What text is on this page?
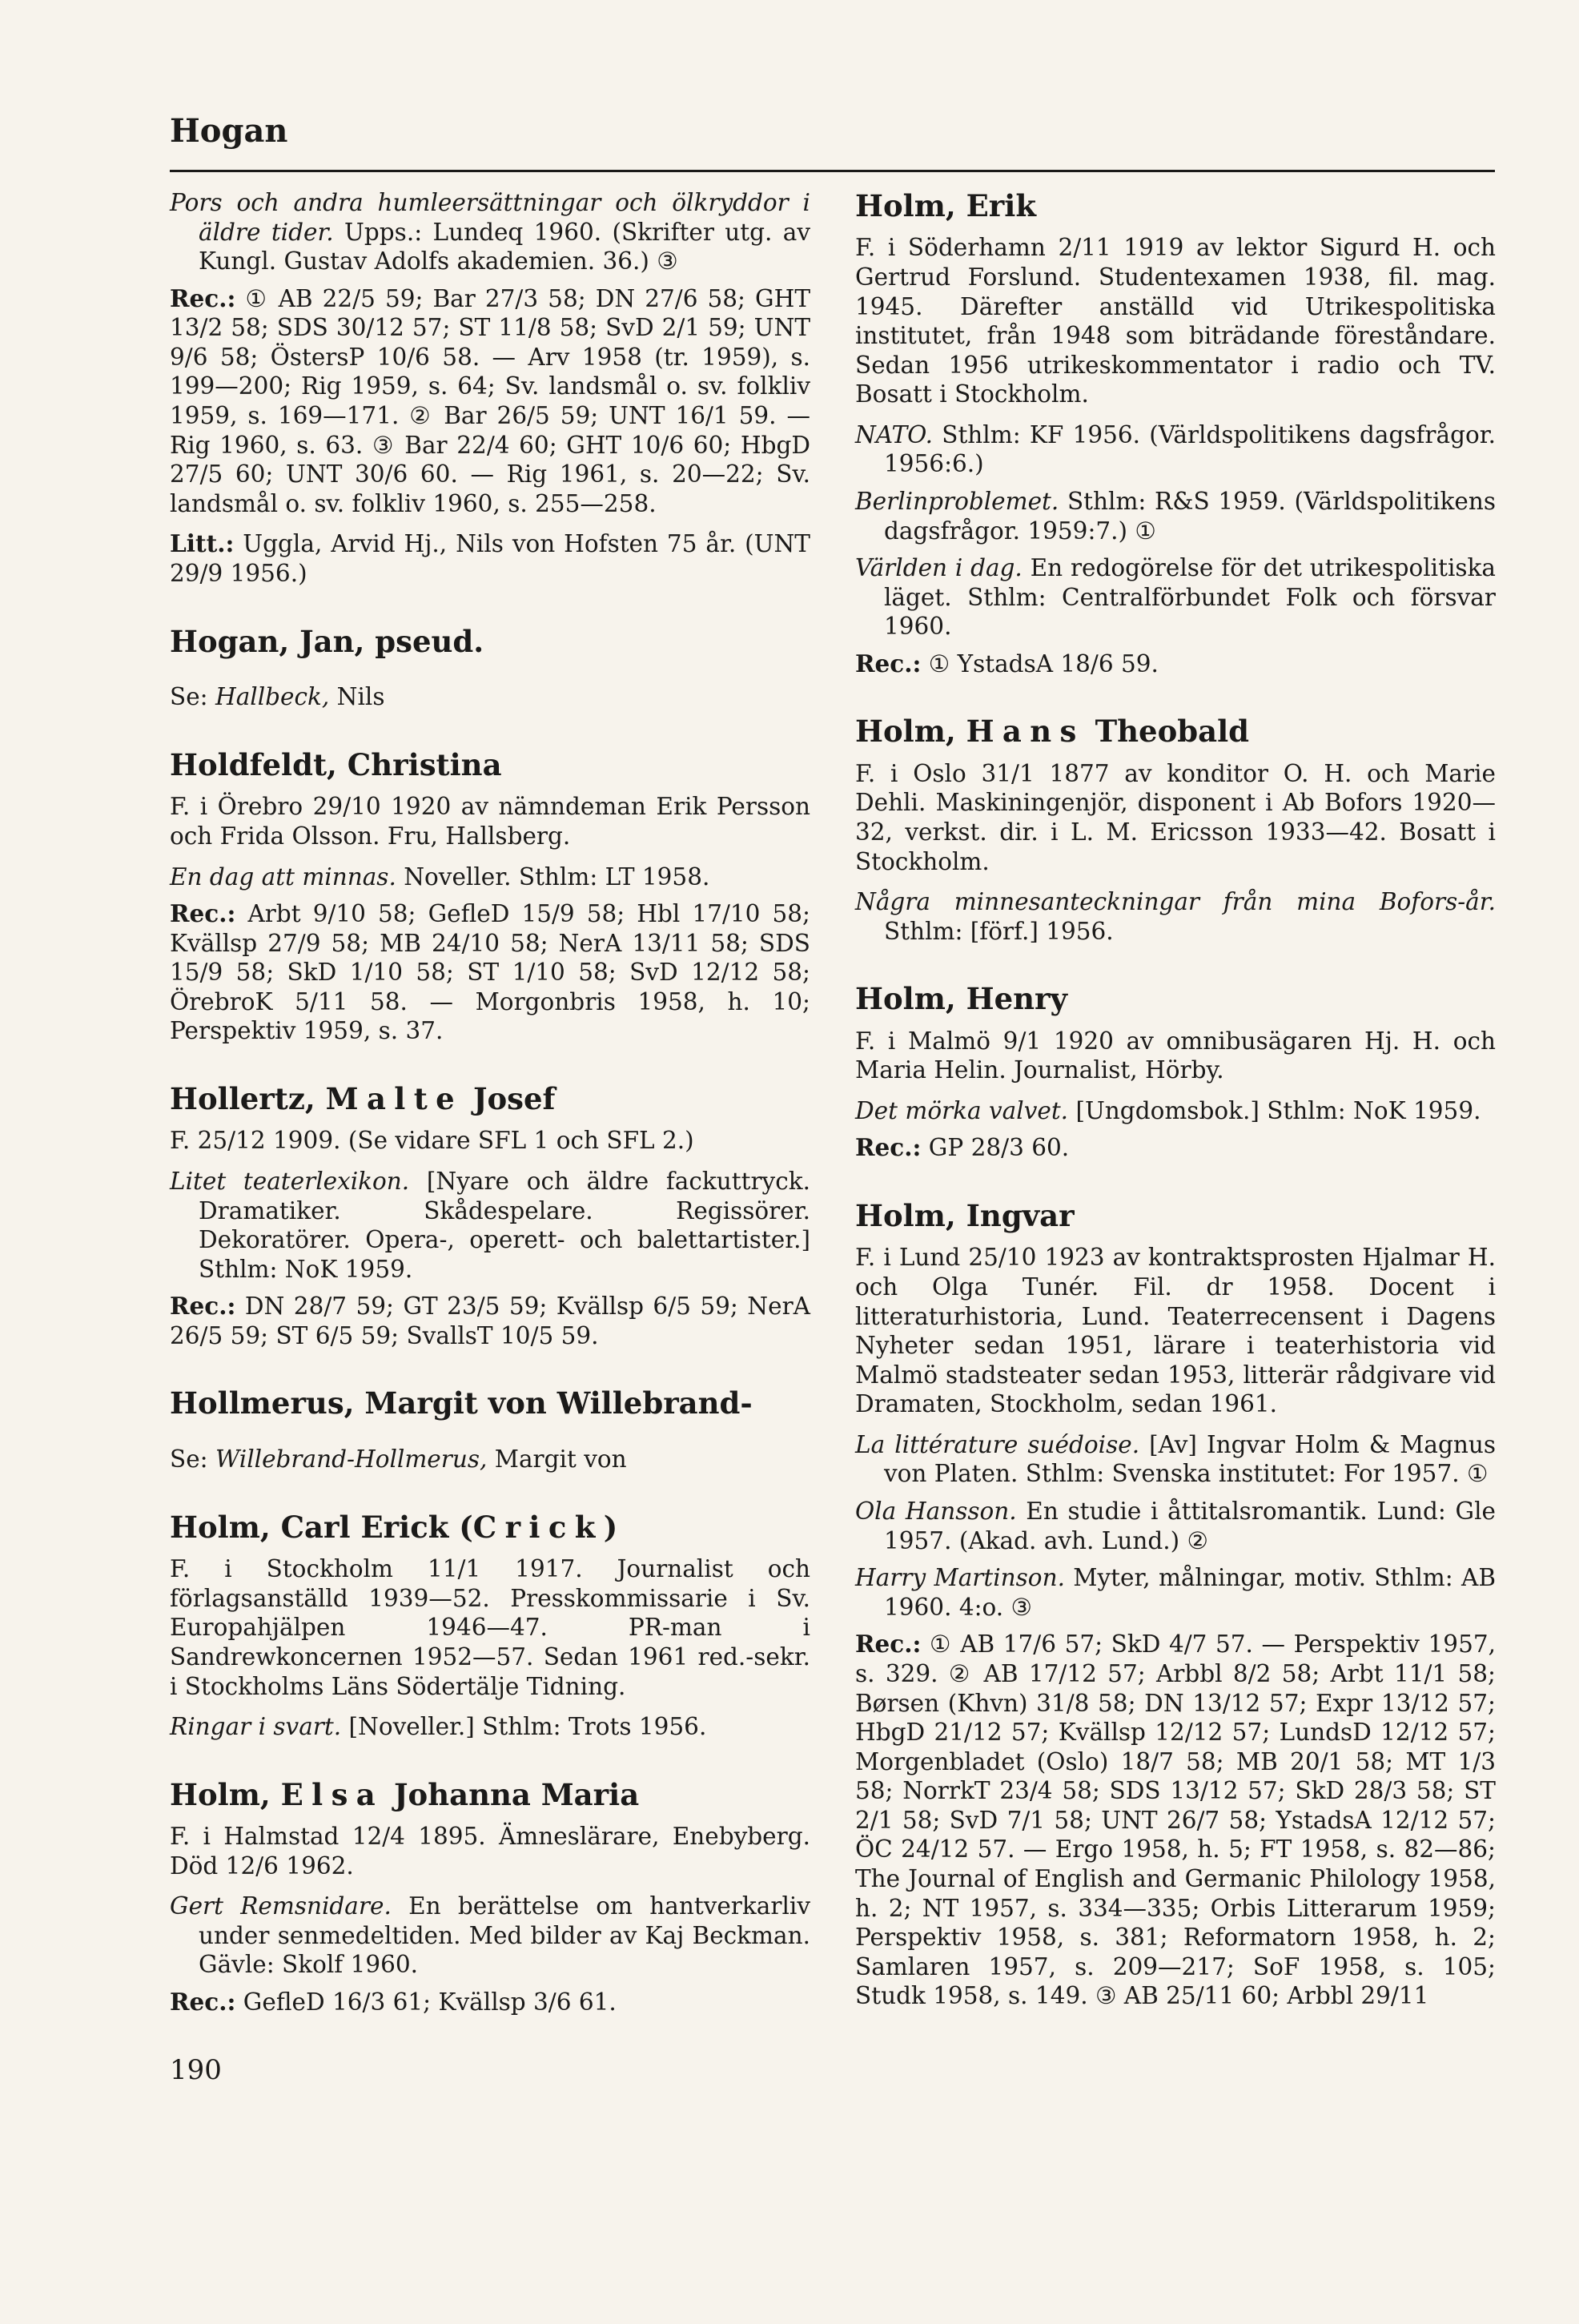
Hogan

Pors och andra humleersättningar och ölkryddor i äldre tider. Upps.: Lundeq 1960. (Skrifter utg. av Kungl. Gustav Adolfs akademien. 36.) ③

Rec.: ① AB 22/5 59; Bar 27/3 58; DN 27/6 58; GHT 13/2 58; SDS 30/12 57; ST 11/8 58; SvD 2/1 59; UNT 9/6 58; ÖstersP 10/6 58. — Arv 1958 (tr. 1959), s. 199—200; Rig 1959, s. 64; Sv. landsmål o. sv. folkliv 1959, s. 169—171. ② Bar 26/5 59; UNT 16/1 59. — Rig 1960, s. 63. ③ Bar 22/4 60; GHT 10/6 60; HbgD 27/5 60; UNT 30/6 60. — Rig 1961, s. 20—22; Sv. landsmål o. sv. folkliv 1960, s. 255—258.

Litt.: Uggla, Arvid Hj., Nils von Hofsten 75 år. (UNT 29/9 1956.)

Hogan, Jan, pseud.

Se: Hallbeck, Nils

Holdfeldt, Christina

F. i Örebro 29/10 1920 av nämndeman Erik Persson och Frida Olsson. Fru, Hallsberg.

En dag att minnas. Noveller. Sthlm: LT 1958.

Rec.: Arbt 9/10 58; GefleD 15/9 58; Hbl 17/10 58; Kvällsp 27/9 58; MB 24/10 58; NerA 13/11 58; SDS 15/9 58; SkD 1/10 58; ST 1/10 58; SvD 12/12 58; ÖrebroK 5/11 58. — Morgonbris 1958, h. 10; Perspektiv 1959, s. 37.

Hollertz, Malte Josef

F. 25/12 1909. (Se vidare SFL 1 och SFL 2.)

Litet teaterlexikon. [Nyare och äldre fackuttryck. Dramatiker. Skådespelare. Regissörer. Dekoratörer. Opera-, operett- och balettartister.] Sthlm: NoK 1959.

Rec.: DN 28/7 59; GT 23/5 59; Kvällsp 6/5 59; NerA 26/5 59; ST 6/5 59; SvallsT 10/5 59.

Hollmerus, Margit von Willebrand-

Se: Willebrand-Hollmerus, Margit von

Holm, Carl Erick (Crick)

F. i Stockholm 11/1 1917. Journalist och förlagsanställd 1939—52. Presskommissarie i Sv. Europahjälpen 1946—47. PR-man i Sandrewkoncernen 1952—57. Sedan 1961 red.-sekr. i Stockholms Läns Södertälje Tidning.

Ringar i svart. [Noveller.] Sthlm: Trots 1956.

Holm, Elsa Johanna Maria

F. i Halmstad 12/4 1895. Ämneslärare, Enebyberg. Död 12/6 1962.

Gert Remsnidare. En berättelse om hantverkarliv under senmedeltiden. Med bilder av Kaj Beckman. Gävle: Skolf 1960.

Rec.: GefleD 16/3 61; Kvällsp 3/6 61.

Holm, Erik

F. i Söderhamn 2/11 1919 av lektor Sigurd H. och Gertrud Forslund. Studentexamen 1938, fil. mag. 1945. Därefter anställd vid Utrikespolitiska institutet, från 1948 som biträdande föreståndare. Sedan 1956 utrikeskommentator i radio och TV. Bosatt i Stockholm.

NATO. Sthlm: KF 1956. (Världspolitikens dagsfrågor. 1956:6.)

Berlinproblemet. Sthlm: R&S 1959. (Världspolitikens dagsfrågor. 1959:7.) ①

Världen i dag. En redogörelse för det utrikespolitiska läget. Sthlm: Centralförbundet Folk och försvar 1960.

Rec.: ① YstadsA 18/6 59.

Holm, Hans Theobald

F. i Oslo 31/1 1877 av konditor O. H. och Marie Dehli. Maskiningenjör, disponent i Ab Bofors 1920—32, verkst. dir. i L. M. Ericsson 1933—42. Bosatt i Stockholm.

Några minnesanteckningar från mina Bofors-år. Sthlm: [förf.] 1956.

Holm, Henry

F. i Malmö 9/1 1920 av omnibusägaren Hj. H. och Maria Helin. Journalist, Hörby.

Det mörka valvet. [Ungdomsbok.] Sthlm: NoK 1959.

Rec.: GP 28/3 60.

Holm, Ingvar

F. i Lund 25/10 1923 av kontraktsprosten Hjalmar H. och Olga Tunér. Fil. dr 1958. Docent i litteraturhistoria, Lund. Teaterrecensent i Dagens Nyheter sedan 1951, lärare i teaterhistoria vid Malmö stadsteater sedan 1953, litterär rådgivare vid Dramaten, Stockholm, sedan 1961.

La littérature suédoise. [Av] Ingvar Holm & Magnus von Platen. Sthlm: Svenska institutet: For 1957. ①

Ola Hansson. En studie i åttitalsromantik. Lund: Gle 1957. (Akad. avh. Lund.) ②

Harry Martinson. Myter, målningar, motiv. Sthlm: AB 1960. 4:o. ③

Rec.: ① AB 17/6 57; SkD 4/7 57. — Perspektiv 1957, s. 329. ② AB 17/12 57; Arbbl 8/2 58; Arbt 11/1 58; Børsen (Khvn) 31/8 58; DN 13/12 57; Expr 13/12 57; HbgD 21/12 57; Kvällsp 12/12 57; LundsD 12/12 57; Morgenbladet (Oslo) 18/7 58; MB 20/1 58; MT 1/3 58; NorrkT 23/4 58; SDS 13/12 57; SkD 28/3 58; ST 2/1 58; SvD 7/1 58; UNT 26/7 58; YstadsA 12/12 57; ÖC 24/12 57. — Ergo 1958, h. 5; FT 1958, s. 82—86; The Journal of English and Germanic Philology 1958, h. 2; NT 1957, s. 334—335; Orbis Litterarum 1959; Perspektiv 1958, s. 381; Reformatorn 1958, h. 2; Samlaren 1957, s. 209—217; SoF 1958, s. 105; Studk 1958, s. 149. ③ AB 25/11 60; Arbbl 29/11

190
